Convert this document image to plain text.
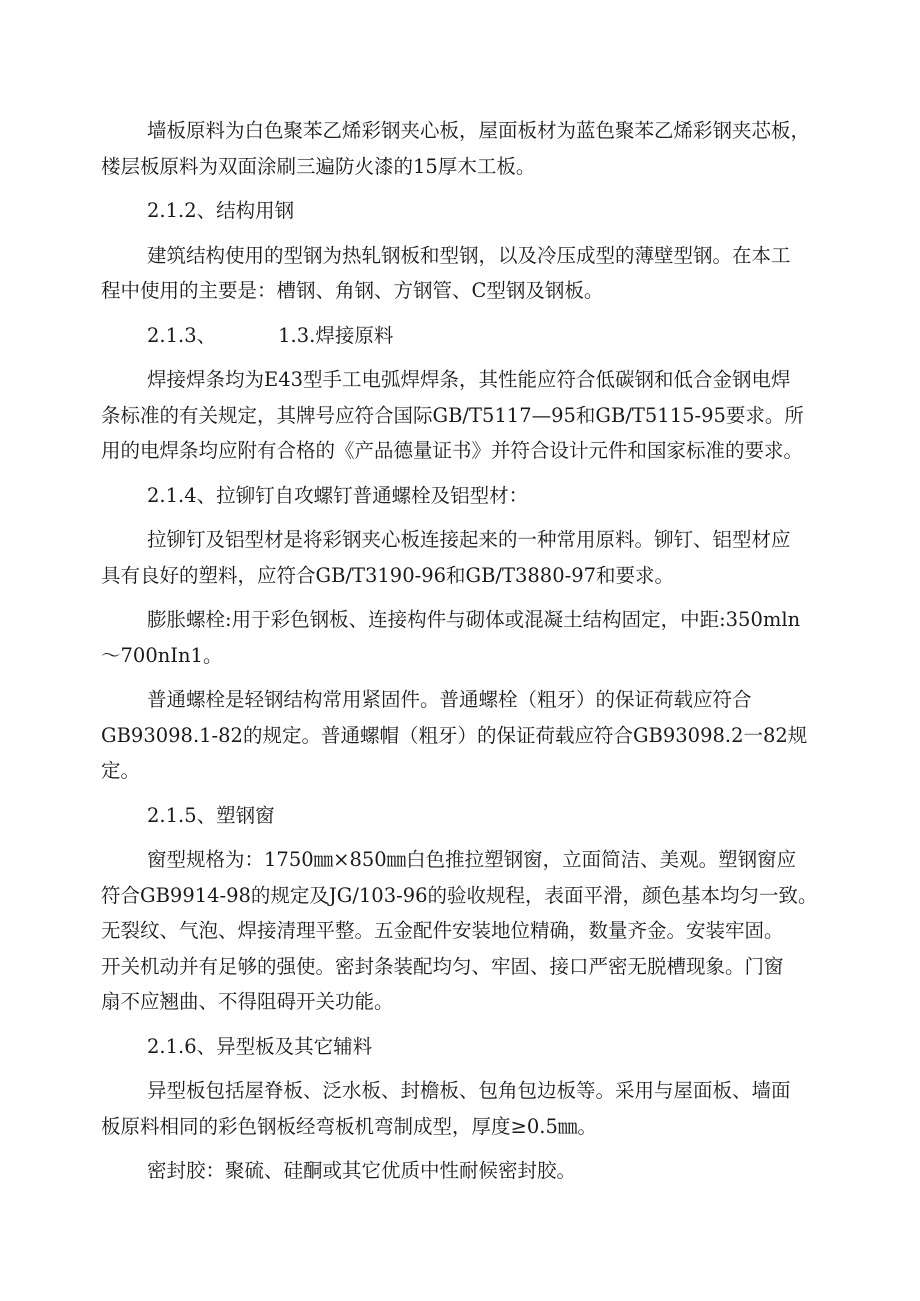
墙板原料为白色聚苯乙烯彩钢夹心板，屋面板材为蓝色聚苯乙烯彩钢夹芯板，
楼层板原料为双面涂刷三遍防火漆的15厚木工板。
2.1.2、结构用钢
建筑结构使用的型钢为热轧钢板和型钢，以及冷压成型的薄壁型钢。在本工
程中使用的主要是：槽钢、角钢、方钢管、C型钢及钢板。
2.1.3、	1.3.焊接原料
焊接焊条均为E43型手工电弧焊焊条，其性能应符合低碳钢和低合金钢电焊
条标准的有关规定，其牌号应符合国际GB/T5117—95和GB/T5115-95要求。所
用的电焊条均应附有合格的《产品德量证书》并符合设计元件和国家标准的要求。
2.1.4、拉铆钉自攻螺钉普通螺栓及铝型材：
拉铆钉及铝型材是将彩钢夹心板连接起来的一种常用原料。铆钉、铝型材应
具有良好的塑料，应符合GB/T3190-96和GB/T3880-97和要求。
膨胀螺栓:用于彩色钢板、连接构件与砌体或混凝土结构固定，中距:350mln
～700nIn1。
普通螺栓是轻钢结构常用紧固件。普通螺栓（粗牙）的保证荷载应符合
GB93098.1-82的规定。普通螺帽（粗牙）的保证荷载应符合GB93098.2一82规
定。
2.1.5、塑钢窗
窗型规格为：1750㎜×850㎜白色推拉塑钢窗，立面简洁、美观。塑钢窗应
符合GB9914-98的规定及JG/103-96的验收规程，表面平滑，颜色基本均匀一致。
无裂纹、气泡、焊接清理平整。五金配件安装地位精确，数量齐金。安装牢固。
开关机动并有足够的强使。密封条装配均匀、牢固、接口严密无脱槽现象。门窗
扇不应翘曲、不得阻碍开关功能。
2.1.6、异型板及其它辅料
异型板包括屋脊板、泛水板、封檐板、包角包边板等。采用与屋面板、墙面
板原料相同的彩色钢板经弯板机弯制成型，厚度≥0.5㎜。
密封胶：聚硫、硅酮或其它优质中性耐候密封胶。
